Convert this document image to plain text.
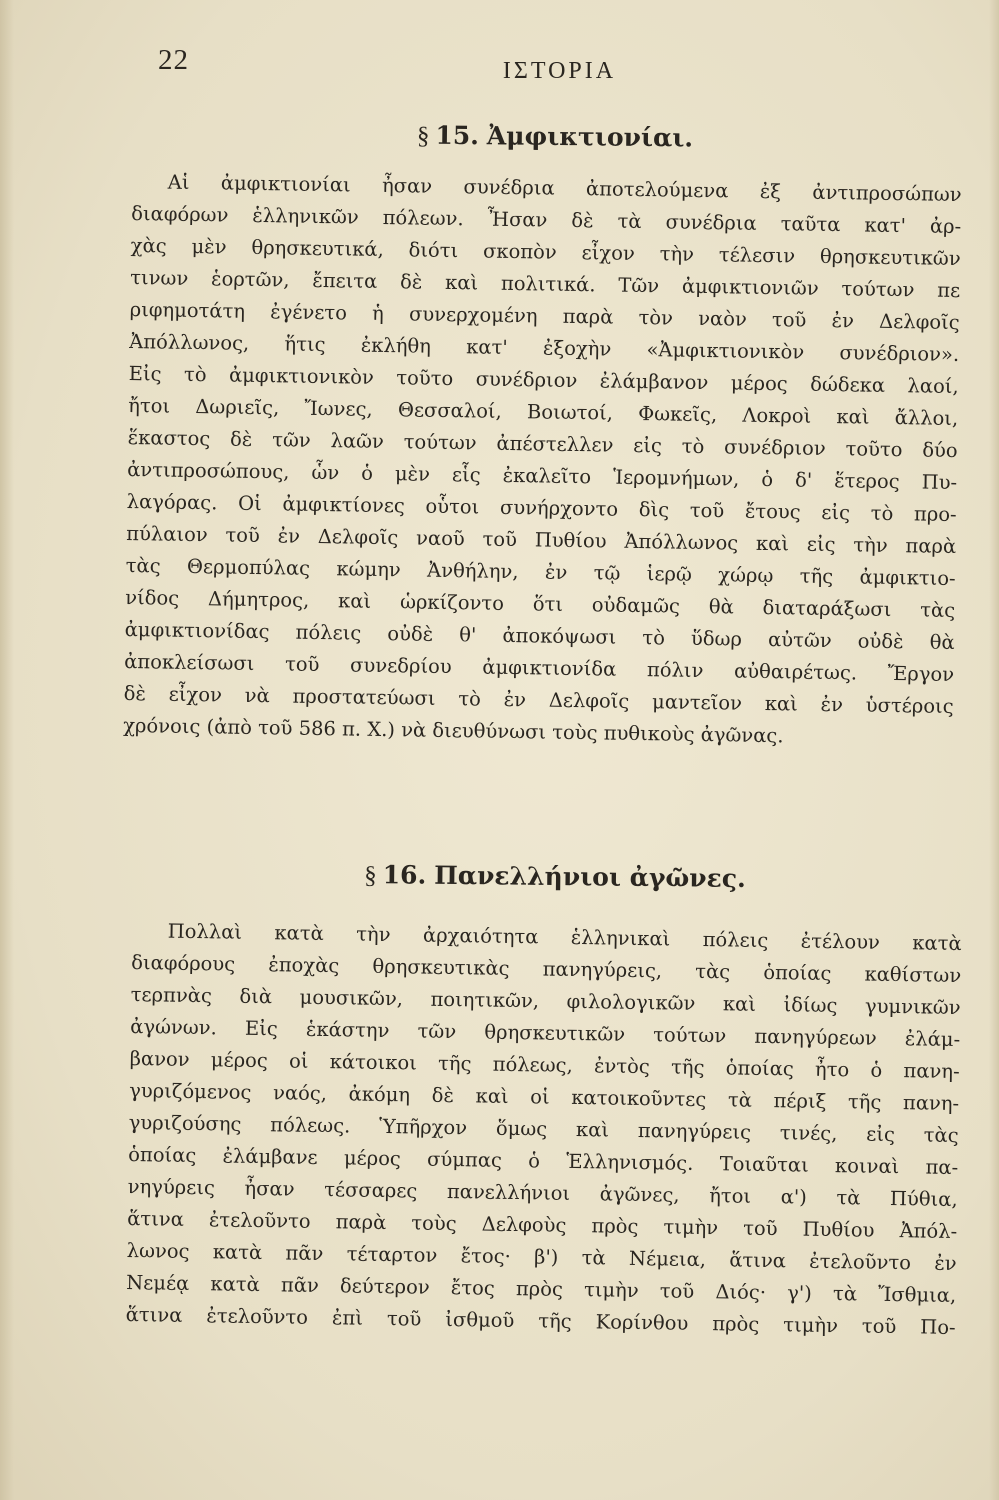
22	ΙΣΤΟΡΙΑ
§ 15. Ἀμφικτιονίαι.
Αἱ ἀμφικτιονίαι ἦσαν συνέδρια ἀποτελούμενα ἐξ ἀντιπροσώπων
διαφόρων ἑλληνικῶν πόλεων. Ἦσαν δὲ τὰ συνέδρια ταῦτα κατ' ἀρ-
χὰς μὲν θρησκευτικά, διότι σκοπὸν εἶχον τὴν τέλεσιν θρησκευτικῶν
τινων ἑορτῶν, ἔπειτα δὲ καὶ πολιτικά. Τῶν ἀμφικτιονιῶν τούτων πε
ριφημοτάτη ἐγένετο ἡ συνερχομένη παρὰ τὸν ναὸν τοῦ ἐν Δελφοῖς
Ἀπόλλωνος, ἥτις ἐκλήθη κατ' ἐξοχὴν «Ἀμφικτιονικὸν συνέδριον».
Εἰς τὸ ἀμφικτιονικὸν τοῦτο συνέδριον ἐλάμβανον μέρος δώδεκα λαοί,
ἤτοι Δωριεῖς, Ἴωνες, Θεσσαλοί, Βοιωτοί, Φωκεῖς, Λοκροὶ καὶ ἄλλοι,
ἕκαστος δὲ τῶν λαῶν τούτων ἀπέστελλεν εἰς τὸ συνέδριον τοῦτο δύο
ἀντιπροσώπους, ὧν ὁ μὲν εἷς ἐκαλεῖτο Ἱερομνήμων, ὁ δ' ἕτερος Πυ-
λαγόρας. Οἱ ἀμφικτίονες οὗτοι συνήρχοντο δὶς τοῦ ἔτους εἰς τὸ προ-
πύλαιον τοῦ ἐν Δελφοῖς ναοῦ τοῦ Πυθίου Ἀπόλλωνος καὶ εἰς τὴν παρὰ
τὰς Θερμοπύλας κώμην Ἀνθήλην, ἐν τῷ ἱερῷ χώρῳ τῆς ἀμφικτιο-
νίδος Δήμητρος, καὶ ὡρκίζοντο ὅτι οὐδαμῶς θὰ διαταράξωσι τὰς
ἀμφικτιονίδας πόλεις οὐδὲ θ' ἀποκόψωσι τὸ ὕδωρ αὐτῶν οὐδὲ θὰ
ἀποκλείσωσι τοῦ συνεδρίου ἀμφικτιονίδα πόλιν αὐθαιρέτως. Ἔργον
δὲ εἶχον νὰ προστατεύωσι τὸ ἐν Δελφοῖς μαντεῖον καὶ ἐν ὑστέροις
χρόνοις (ἀπὸ τοῦ 586 π. Χ.) νὰ διευθύνωσι τοὺς πυθικοὺς ἀγῶνας.
§ 16. Πανελλήνιοι ἀγῶνες.
Πολλαὶ κατὰ τὴν ἀρχαιότητα ἑλληνικαὶ πόλεις ἐτέλουν κατὰ
διαφόρους ἐποχὰς θρησκευτικὰς πανηγύρεις, τὰς ὁποίας καθίστων
τερπνὰς διὰ μουσικῶν, ποιητικῶν, φιλολογικῶν καὶ ἰδίως γυμνικῶν
ἀγώνων. Εἰς ἑκάστην τῶν θρησκευτικῶν τούτων πανηγύρεων ἐλάμ-
βανον μέρος οἱ κάτοικοι τῆς πόλεως, ἐντὸς τῆς ὁποίας ἦτο ὁ πανη-
γυριζόμενος ναός, ἀκόμη δὲ καὶ οἱ κατοικοῦντες τὰ πέριξ τῆς πανη-
γυριζούσης πόλεως. Ὑπῆρχον ὅμως καὶ πανηγύρεις τινές, εἰς τὰς
ὁποίας ἐλάμβανε μέρος σύμπας ὁ Ἑλληνισμός. Τοιαῦται κοιναὶ πα-
νηγύρεις ἦσαν τέσσαρες πανελλήνιοι ἀγῶνες, ἤτοι α') τὰ Πύθια,
ἅτινα ἐτελοῦντο παρὰ τοὺς Δελφοὺς πρὸς τιμὴν τοῦ Πυθίου Ἀπόλ-
λωνος κατὰ πᾶν τέταρτον ἔτος· β') τὰ Νέμεια, ἅτινα ἐτελοῦντο ἐν
Νεμέᾳ κατὰ πᾶν δεύτερον ἔτος πρὸς τιμὴν τοῦ Διός· γ') τὰ Ἴσθμια,
ἅτινα ἐτελοῦντο ἐπὶ τοῦ ἰσθμοῦ τῆς Κορίνθου πρὸς τιμὴν τοῦ Πο-
